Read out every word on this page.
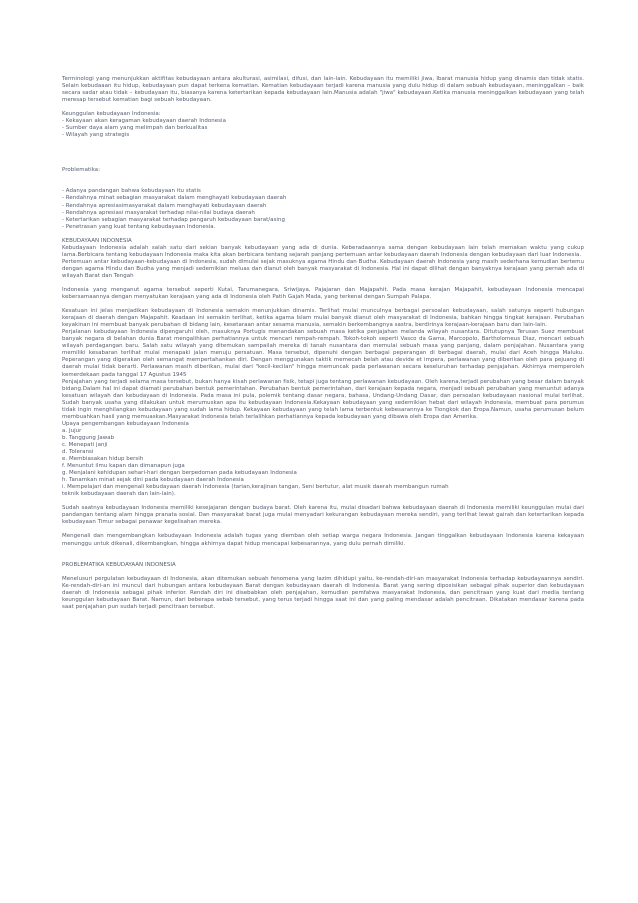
Terminologi yang menunjukkan aktifitas kebudayaan antara akulturasi, asimilasi, difusi, dan lain-lain. Kebudayaan itu memiliki jiwa, Ibarat manusia hidup yang dinamis dan tidak statis. Selain kebudaaan itu hidup, kebudayaan pun dapat terkena kematian. Kematian kebudayaan terjadi karena manusia yang dulu hidup di dalam sebuah kebudayaan, meninggalkan – baik secara sadar atau tidak – kebudayaan itu, biasanya karena ketertarikan kepada kebudayaan lain.Manusia adalah "jiwa" kebudayaan.Ketika manusia meninggalkan kebudayaan yang telah meresap tersebut kematian bagi sebuah kebudayaan.

Keunggulan kebudayaan Indonesia:

- Kekayaan akan keragaman kebudayaan daerah Indonesia

- Sumber daya alam yang melimpah dan berkualitas

- Wilayah yang strategis

Problematika:

- Adanya pandangan bahwa kebudayaan itu statis

- Rendahnya minat sebagian masyarakat dalam menghayati kebudayaan daerah

- Rendahnya apresiasimasyarakat dalam menghayati kebudayaan daerah

- Rendahnya apresiasi masyarakat terhadap nilai-nilai budaya daerah

- Ketertarikan sebagian masyarakat terhadap pengaruh kebudayaan barat/asing

- Penetrasan yang kuat tentang kebudayaan Indonesia.

KEBUDAYAAN INDONESIA

Kebudayaan Indonesia adalah salah satu dari sekian banyak kebudayaan yang ada di dunia. Keberadaannya sama dengan kebudayaan lain telah memakan waktu yang cukup lama.Berbicara tentang kebudayaan Indonesia maka kita akan berbicara tentang sejarah panjang pertemuan antar kebudayaan daerah Indonesia dengan kebudayaan dari luar Indonesia.

Pertemuan antar kebudayaan-kebudayaan di Indonesia, sudah dimulai sejak masuknya agama Hindu dan Budha. Kebudayaan daerah Indonesia yang masih sederhana kemudian bertemu dengan agama Hindu dan Budha yang menjadi sedemikian meluas dan dianut oleh banyak masyarakat di Indonesia. Hal ini dapat dilihat dengan banyaknya kerajaan yang pernah ada di wilayah Barat dan Tengah

Indonesia yang menganut agama tersebut seperti Kutai, Tarumanegara, Sriwijaya, Pajajaran dan Majapahit. Pada masa kerajan Majapahit, kebudayaan Indonesia mencapai kebersamaannya dengan menyatukan kerajaan yang ada di Indonesia oleh Patih Gajah Mada, yang terkenal dengan Sumpah Palapa.

Kesatuan ini jelas menjadikan kebudayaan di Indonesia semakin menunjukkan dinamis. Terlihat mulai munculnya berbagai persoalan kebudayaan, salah satunya seperti hubungan kerajaan di daerah dengan Majapahit. Keadaan ini semakin terlihat, ketika agama Islam mulai banyak dianut oleh masyarakat di Indonesia, bahkan hingga tingkat kerajaan. Perubahan keyakinan ini membuat banyak perubahan di bidang lain, kesetaraan antar sesama manusia, semakin berkembangnya sastra, berdirinya kerajaan-kerajaan baru dan lain-lain.

Perjalanan kebudayaan Indonesia dipengaruhi oleh, masuknya Portugis menandakan sebuah masa ketika penjajahan melanda wilayah nusantara. Ditutupnya Terusan Suez membuat banyak negara di belahan dunia Barat mengalihkan perhatiannya untuk mencari rempah-rempah. Tokoh-tokoh seperti Vasco da Gama, Marcopolo, Bartholomeus Diaz, mencari sebuah wilayah perdagangan baru. Salah satu wilayah yang ditemukan sampailah mereka di tanah nusantara dan memulai sebuah masa yang panjang, dalam penjajahan. Nusantara yang memiliki kesabaran terlihat mulai menapaki jalan menuju persatuan. Masa tersebut, dipenuhi dengan berbagai peperangan di berbagai daerah, mulai dari Aceh hingga Maluku. Peperangan yang digerakan oleh semangat mempertahankan diri. Dengan menggunakan taktik memecah belah atau devide et impera, perlawanan yang diberikan oleh para pejuang di daerah mulai tidak berarti. Perlawanan masih diberikan, mulai dari "kecil-kecilan" hingga memuncak pada perlawanan secara keseluruhan terhadap penjajahan. Akhirnya memperoleh kemerdekaan pada tanggal 17 Agustus 1945

Penjajahan yang terjadi selama masa tersebut, bukan hanya kisah perlawanan fisik, tetapi juga tentang perlawanan kebudayaan. Oleh karena,terjadi perubahan yang besar dalam banyak bidang.Dalam hal ini dapat diamati perubahan bentuk pemerintahan. Perubahan bentuk pemerintahan, dari kerajaan kepada negara, menjadi sebuah perubahan yang menuntut adanya kesatuan wilayah dan kebudayaan di Indonesia. Pada masa ini pula, polemik tentang dasar negara, bahasa, Undang-Undang Dasar, dan persoalan kebudayaan nasional mulai terlihat. Sudah banyak usaha yang dilakukan untuk merumuskan apa itu kebudayaan Indonesia.Kekayaan kebudayaan yang sedemikian hebat dari wilayah Indonesia, membuat para perumus tidak ingin menghilangkan kebudayaan yang sudah lama hidup. Kekayaan kebudayaan yang telah lama terbentuk kebesarannya ke Tiongkok dan Eropa.Namun, usaha perumusan belum membuahkan hasil yang memuaskan.Masyarakat Indonesia telah terlalihkan perhatiannya kepada kebudayaan yang dibawa oleh Eropa dan Amerika.

Upaya pengembangan kebudayaan Indonesia

a. Jujur

b. Tanggung Jawab

c. Menepati janji

d. Toleransi

e. Membiasakan hidup bersih

f. Menuntut ilmu kapan dan dimanapun juga

g. Menjalani kehidupan sehari-hari dengan berpedoman pada kebudayaan Indonesia

h. Tanamkan minat sejak dini pada kebudayaan daerah Indonesia

i. Mempelajari dan mengenali kebudayaan daerah Indonesia (tarian,kerajinan tangan, Seni bertutur, alat musik daerah membangun rumah

teknik kebudayaan daerah dan lain-lain).

Sudah saatnya kebudayaan Indonesia memiliki kesejajaran dengan budaya barat. Oleh karena itu, mulai disadari bahwa kebudayaan daerah di Indonesia memiliki keunggulan mulai dari pandangan tentang alam hingga pranata sosial. Dan masyarakat barat juga mulai menyadari kekurangan kebudayaan mereka sendiri, yang terlihat lewat gairah dan ketertarikan kepada kebudayaan Timur sebagai penawar kegelisahan mereka.

Mengenali dan mengembangkan kebudayaan Indonesia adalah tugas yang diemban oleh setiap warga negara Indonesia. Jangan tinggalkan kebudayaan Indonesia karena kekayaan menunggu untuk dikenali, dikembangkan, hingga akhirnya dapat hidup mencapai kebesarannya, yang dulu pernah dimiliki.

PROBLEMATIKA KEBUDAYAAN INDONESIA

Menelusuri pergulatan kebudayaan di Indonesia, akan ditemukan sebuah fenomena yang lazim dihidupi yaitu, ke-rendah-diri-an masyarakat Indonesia terhadap kebudayaannya sendiri. Ke-rendah-diri-an ini muncul dari hubungan antara kebudayaan Barat dengan kebudayaan daerah di Indonesia. Barat yang sering diposisikan sebagai pihak superior dan kebudayaan daerah di Indonesia sebagai pihak inferior. Rendah diri ini disebabkan oleh penjajahan, kemudian pemfatwa masyarakat Indonesia, dan pencitraan yang kuat dari media tentang keunggulan kebudayaan Barat. Namun, dari beberapa sebab tersebut, yang terus terjadi hingga saat ini dan yang paling mendasar adalah pencitraan. Dikatakan mendasar karena pada saat penjajahan pun sudah terjadi pencitraan tersebut.
